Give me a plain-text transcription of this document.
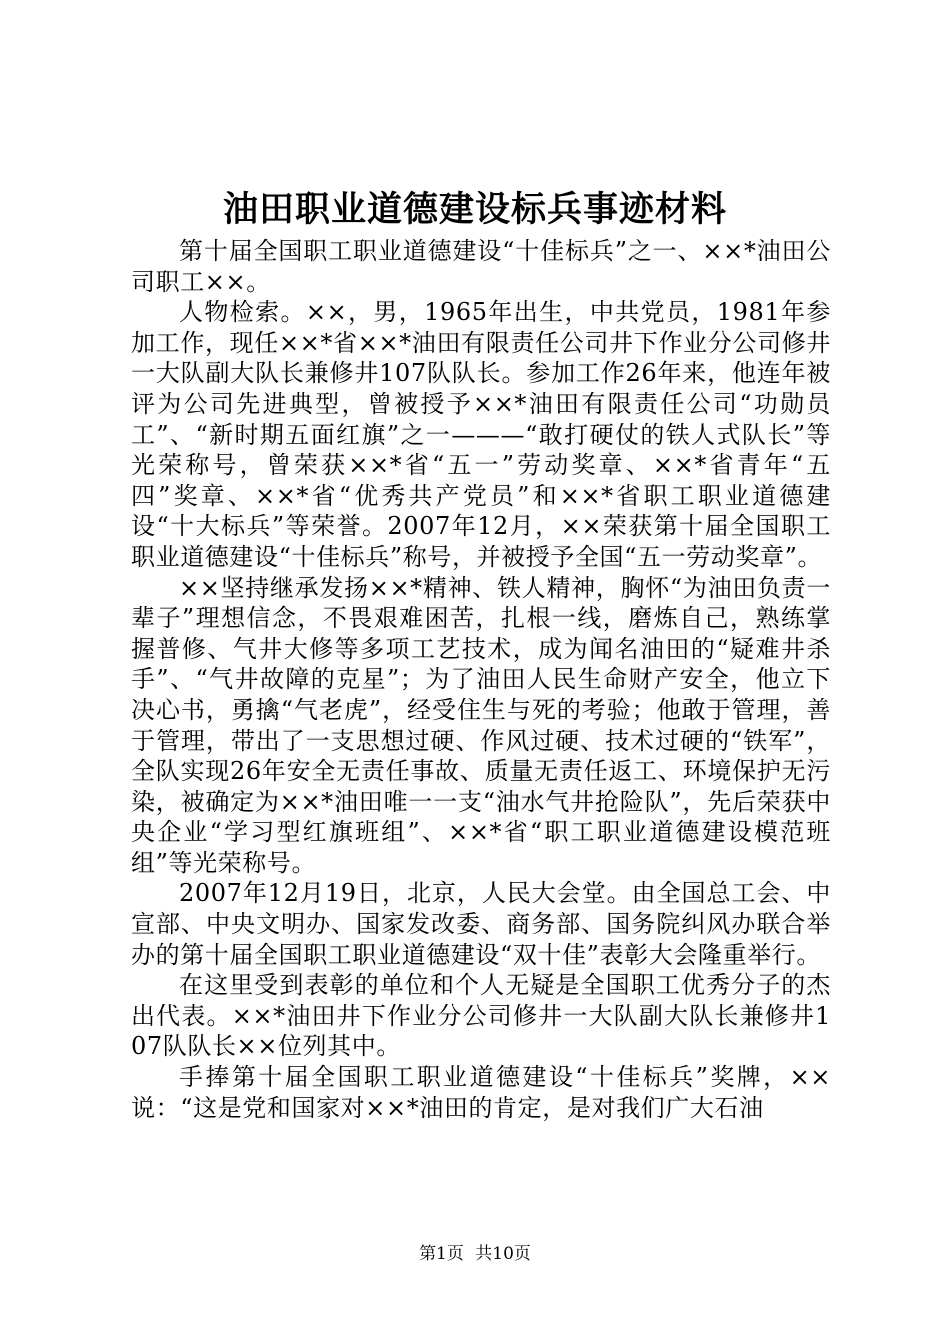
油田职业道德建设标兵事迹材料

第十届全国职工职业道德建设“十佳标兵”之一、××*油田公司职工××。

人物检索。××，男，1965年出生，中共党员，1981年参加工作，现任××*省××*油田有限责任公司井下作业分公司修井一大队副大队长兼修井107队队长。参加工作26年来，他连年被评为公司先进典型，曾被授予××*油田有限责任公司“功勋员工”、“新时期五面红旗”之一———“敢打硬仗的铁人式队长”等光荣称号，曾荣获××*省“五一”劳动奖章、××*省青年“五四”奖章、××*省“优秀共产党员”和××*省职工职业道德建设“十大标兵”等荣誉。2007年12月，××荣获第十届全国职工职业道德建设“十佳标兵”称号，并被授予全国“五一劳动奖章”。

××坚持继承发扬××*精神、铁人精神，胸怀“为油田负责一辈子”理想信念，不畏艰难困苦，扎根一线，磨炼自己，熟练掌握普修、气井大修等多项工艺技术，成为闻名油田的“疑难井杀手”、“气井故障的克星”；为了油田人民生命财产安全，他立下决心书，勇擒“气老虎”，经受住生与死的考验；他敢于管理，善于管理，带出了一支思想过硬、作风过硬、技术过硬的“铁军”，全队实现26年安全无责任事故、质量无责任返工、环境保护无污染，被确定为××*油田唯一一支“油水气井抢险队”，先后荣获中央企业“学习型红旗班组”、××*省“职工职业道德建设模范班组”等光荣称号。

2007年12月19日，北京，人民大会堂。由全国总工会、中宣部、中央文明办、国家发改委、商务部、国务院纠风办联合举办的第十届全国职工职业道德建设“双十佳”表彰大会隆重举行。

在这里受到表彰的单位和个人无疑是全国职工优秀分子的杰出代表。××*油田井下作业分公司修井一大队副大队长兼修井107队队长××位列其中。

手捧第十届全国职工职业道德建设“十佳标兵”奖牌，××说：“这是党和国家对××*油田的肯定，是对我们广大石油

第1页 共10页
